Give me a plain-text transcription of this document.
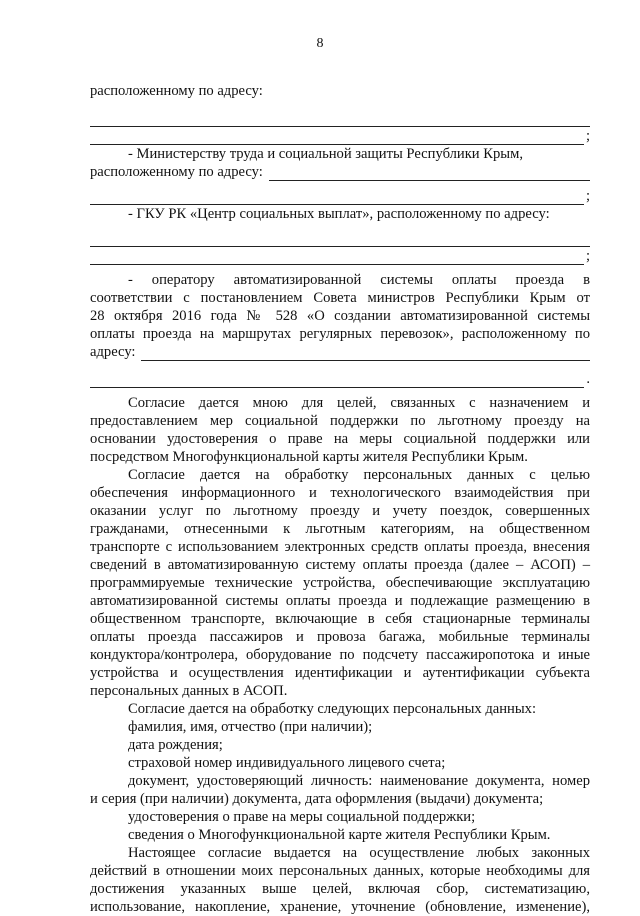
8

расположенному по адресу:

;

- Министерству труда и социальной защиты Республики Крым,

расположенному по адресу:
;

- ГКУ РК «Центр социальных выплат», расположенному по адресу:

;

- оператору автоматизированной системы оплаты проезда в

соответствии с постановлением Совета министров Республики Крым от

28 октября 2016 года № 528 «О создании автоматизированной системы

оплаты проезда на маршрутах регулярных перевозок», расположенному по

адресу:
.

Согласие дается мною для целей, связанных с назначением и

предоставлением мер социальной поддержки по льготному проезду на

основании удостоверения о праве на меры социальной поддержки или

посредством Многофункциональной карты жителя Республики Крым.

Согласие дается на обработку персональных данных с целью

обеспечения информационного и технологического взаимодействия при

оказании услуг по льготному проезду и учету поездок, совершенных

гражданами, отнесенными к льготным категориям, на общественном

транспорте с использованием электронных средств оплаты проезда, внесения

сведений в автоматизированную систему оплаты проезда (далее – АСОП) –

программируемые технические устройства, обеспечивающие эксплуатацию

автоматизированной системы оплаты проезда и подлежащие размещению в

общественном транспорте, включающие в себя стационарные терминалы

оплаты проезда пассажиров и провоза багажа, мобильные терминалы

кондуктора/контролера, оборудование по подсчету пассажиропотока и иные

устройства и осуществления идентификации и аутентификации субъекта

персональных данных в АСОП.

Согласие дается на обработку следующих персональных данных:

фамилия, имя, отчество (при наличии);

дата рождения;

страховой номер индивидуального лицевого счета;

документ, удостоверяющий личность: наименование документа, номер

и серия (при наличии) документа, дата оформления (выдачи) документа;

удостоверения о праве на меры социальной поддержки;

сведения о Многофункциональной карте жителя Республики Крым.

Настоящее согласие выдается на осуществление любых законных

действий в отношении моих персональных данных, которые необходимы для

достижения указанных выше целей, включая сбор, систематизацию,

использование, накопление, хранение, уточнение (обновление, изменение),
